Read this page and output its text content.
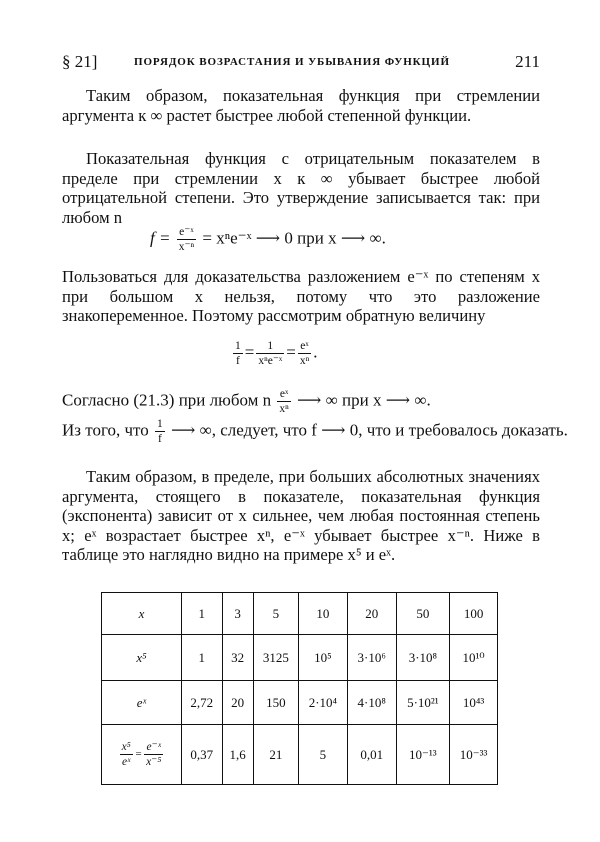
§ 21]	ПОРЯДОК ВОЗРАСТАНИЯ И УБЫВАНИЯ ФУНКЦИЙ	211

Таким образом, показательная функция при стремлении аргумента к ∞ растет быстрее любой степенной функции.

Показательная функция с отрицательным показателем в пределе при стремлении x к ∞ убывает быстрее любой отрицательной степени. Это утверждение записывается так: при любом n

$f = \frac{\text{e⁻ˣ}}{\text{x⁻ⁿ}}$ = xⁿe⁻ˣ ⟶ 0 при x ⟶ ∞.

Пользоваться для доказательства разложением e⁻ˣ по степеням x при большом x нельзя, потому что это разложение знакопеременное. Поэтому рассмотрим обратную величину

$\frac{1}{f} = \frac{1}{\text{xⁿe⁻ˣ}} = \frac{\text{eˣ}}{\text{xⁿ}}$ .
Согласно (21.3) при любом n $\frac{\text{eˣ}}{\text{xⁿ}}$ ⟶ ∞ при x ⟶ ∞.
Из того, что $\frac{1}{f}$ ⟶ ∞, следует, что f ⟶ 0, что и требовалось доказать.

Таким образом, в пределе, при больших абсолютных значениях аргумента, стоящего в показателе, показательная функция (экспонента) зависит от x сильнее, чем любая постоянная степень x; eˣ возрастает быстрее xⁿ, e⁻ˣ убывает быстрее x⁻ⁿ. Ниже в таблице это наглядно видно на примере x⁵ и eˣ.

x	1	3	5	10	20	50	100
x⁵	1	32	3125	10⁵	3·10⁶	3·10⁸	10¹⁰
eˣ	2,72	20	150	2·10⁴	4·10⁸	5·10²¹	10⁴³

$\frac{\text{x⁵}}{\text{eˣ}} = \frac{\text{e⁻ˣ}}{\text{x⁻⁵}}$	0,37	1,6	21	5	0,01	10⁻¹³	10⁻³³
